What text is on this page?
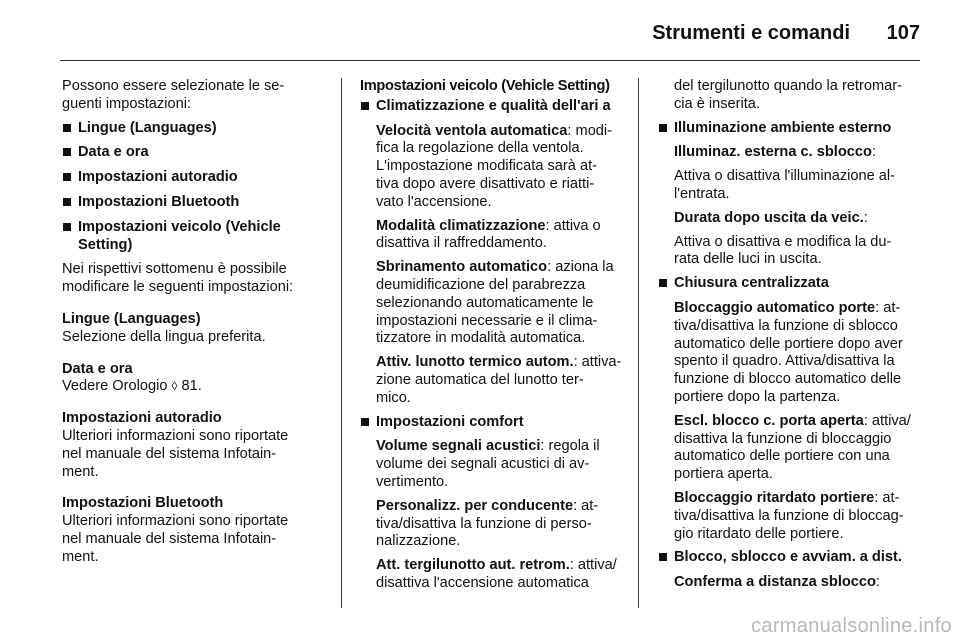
Strumenti e comandi 107

Possono essere selezionate le se-
guenti impostazioni:

Lingue (Languages)
Data e ora
Impostazioni autoradio
Impostazioni Bluetooth
Impostazioni veicolo (Vehicle
Setting)

Nei rispettivi sottomenu è possibile
modificare le seguenti impostazioni:

Lingue (Languages)

Selezione della lingua preferita.

Data e ora

Vedere Orologio ◊ 81.

Impostazioni autoradio

Ulteriori informazioni sono riportate
nel manuale del sistema Infotain-
ment.

Impostazioni Bluetooth

Ulteriori informazioni sono riportate
nel manuale del sistema Infotain-
ment.

Impostazioni veicolo (Vehicle Setting)
Climatizzazione e qualità dell'ari a

Velocità ventola automatica: modi-
fica la regolazione della ventola.
L'impostazione modificata sarà at-
tiva dopo avere disattivato e riatti-
vato l'accensione.

Modalità climatizzazione: attiva o
disattiva il raffreddamento.

Sbrinamento automatico: aziona la
deumidificazione del parabrezza
selezionando automaticamente le
impostazioni necessarie e il clima-
tizzatore in modalità automatica.

Attiv. lunotto termico autom.: attiva-
zione automatica del lunotto ter-
mico.

Impostazioni comfort

Volume segnali acustici: regola il
volume dei segnali acustici di av-
vertimento.

Personalizz. per conducente: at-
tiva/disattiva la funzione di perso-
nalizzazione.

Att. tergilunotto aut. retrom.: attiva/
disattiva l'accensione automatica

del tergilunotto quando la retromar-
cia è inserita.

Illuminazione ambiente esterno

Illuminaz. esterna c. sblocco:

Attiva o disattiva l'illuminazione al-
l'entrata.

Durata dopo uscita da veic.:

Attiva o disattiva e modifica la du-
rata delle luci in uscita.

Chiusura centralizzata

Bloccaggio automatico porte: at-
tiva/disattiva la funzione di sblocco
automatico delle portiere dopo aver
spento il quadro. Attiva/disattiva la
funzione di blocco automatico delle
portiere dopo la partenza.

Escl. blocco c. porta aperta: attiva/
disattiva la funzione di bloccaggio
automatico delle portiere con una
portiera aperta.

Bloccaggio ritardato portiere: at-
tiva/disattiva la funzione di bloccag-
gio ritardato delle portiere.

Blocco, sblocco e avviam. a dist.

Conferma a distanza sblocco:

carmanualsonline.info
